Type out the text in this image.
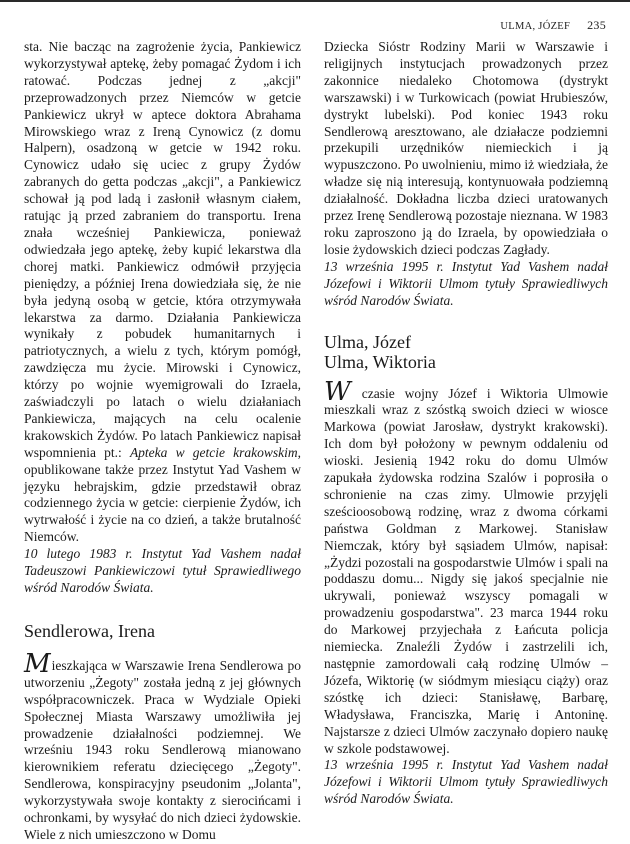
ULMA, JÓZEF 235

sta. Nie bacząc na zagrożenie życia, Pankiewicz wykorzystywał aptekę, żeby pomagać Żydom i ich ratować. Podczas jednej z „akcji" przeprowadzonych przez Niemców w getcie Pankiewicz ukrył w aptece doktora Abrahama Mirowskiego wraz z Ireną Cynowicz (z domu Halpern), osadzoną w getcie w 1942 roku. Cynowicz udało się uciec z grupy Żydów zabranych do getta podczas „akcji", a Pankiewicz schował ją pod ladą i zasłonił własnym ciałem, ratując ją przed zabraniem do transportu. Irena znała wcześniej Pankiewicza, ponieważ odwiedzała jego aptekę, żeby kupić lekarstwa dla chorej matki. Pankiewicz odmówił przyjęcia pieniędzy, a później Irena dowiedziała się, że nie była jedyną osobą w getcie, która otrzymywała lekarstwa za darmo. Działania Pankiewicza wynikały z pobudek humanitarnych i patriotycznych, a wielu z tych, którym pomógł, zawdzięcza mu życie. Mirowski i Cynowicz, którzy po wojnie wyemigrowali do Izraela, zaświadczyli po latach o wielu działaniach Pankiewicza, mających na celu ocalenie krakowskich Żydów. Po latach Pankiewicz napisał wspomnienia pt.: Apteka w getcie krakowskim, opublikowane także przez Instytut Yad Vashem w języku hebrajskim, gdzie przedstawił obraz codziennego życia w getcie: cierpienie Żydów, ich wytrwałość i życie na co dzień, a także brutalność Niemców.

10 lutego 1983 r. Instytut Yad Vashem nadał Tadeuszowi Pankiewiczowi tytuł Sprawiedliwego wśród Narodów Świata.

Sendlerowa, Irena

Mieszkająca w Warszawie Irena Sendlerowa po utworzeniu „Żegoty" została jedną z jej głównych współpracowniczek. Praca w Wydziale Opieki Społecznej Miasta Warszawy umożliwiła jej prowadzenie działalności podziemnej. We wrześniu 1943 roku Sendlerową mianowano kierownikiem referatu dziecięcego „Żegoty". Sendlerowa, konspiracyjny pseudonim „Jolanta", wykorzystywała swoje kontakty z sierocińcami i ochronkami, by wysyłać do nich dzieci żydowskie. Wiele z nich umieszczono w Domu

Dziecka Sióstr Rodziny Marii w Warszawie i religijnych instytucjach prowadzonych przez zakonnice niedaleko Chotomowa (dystrykt warszawski) i w Turkowicach (powiat Hrubieszów, dystrykt lubelski). Pod koniec 1943 roku Sendlerową aresztowano, ale działacze podziemni przekupili urzędników niemieckich i ją wypuszczono. Po uwolnieniu, mimo iż wiedziała, że władze się nią interesują, kontynuowała podziemną działalność. Dokładna liczba dzieci uratowanych przez Irenę Sendlerową pozostaje nieznana. W 1983 roku zaproszono ją do Izraela, by opowiedziała o losie żydowskich dzieci podczas Zagłady.

13 września 1995 r. Instytut Yad Vashem nadał Józefowi i Wiktorii Ulmom tytuły Sprawiedliwych wśród Narodów Świata.

Ulma, Józef
Ulma, Wiktoria

W czasie wojny Józef i Wiktoria Ulmowie mieszkali wraz z szóstką swoich dzieci w wiosce Markowa (powiat Jarosław, dystrykt krakowski). Ich dom był położony w pewnym oddaleniu od wioski. Jesienią 1942 roku do domu Ulmów zapukała żydowska rodzina Szalów i poprosiła o schronienie na czas zimy. Ulmowie przyjęli sześcioosobową rodzinę, wraz z dwoma córkami państwa Goldman z Markowej. Stanisław Niemczak, który był sąsiadem Ulmów, napisał: „Żydzi pozostali na gospodarstwie Ulmów i spali na poddaszu domu... Nigdy się jakoś specjalnie nie ukrywali, ponieważ wszyscy pomagali w prowadzeniu gospodarstwa". 23 marca 1944 roku do Markowej przyjechała z Łańcuta policja niemiecka. Znaleźli Żydów i zastrzelili ich, następnie zamordowali całą rodzinę Ulmów – Józefa, Wiktorię (w siódmym miesiącu ciąży) oraz szóstkę ich dzieci: Stanisławę, Barbarę, Władysława, Franciszka, Marię i Antoninę. Najstarsze z dzieci Ulmów zaczynało dopiero naukę w szkole podstawowej.

13 września 1995 r. Instytut Yad Vashem nadał Józefowi i Wiktorii Ulmom tytuły Sprawiedliwych wśród Narodów Świata.
